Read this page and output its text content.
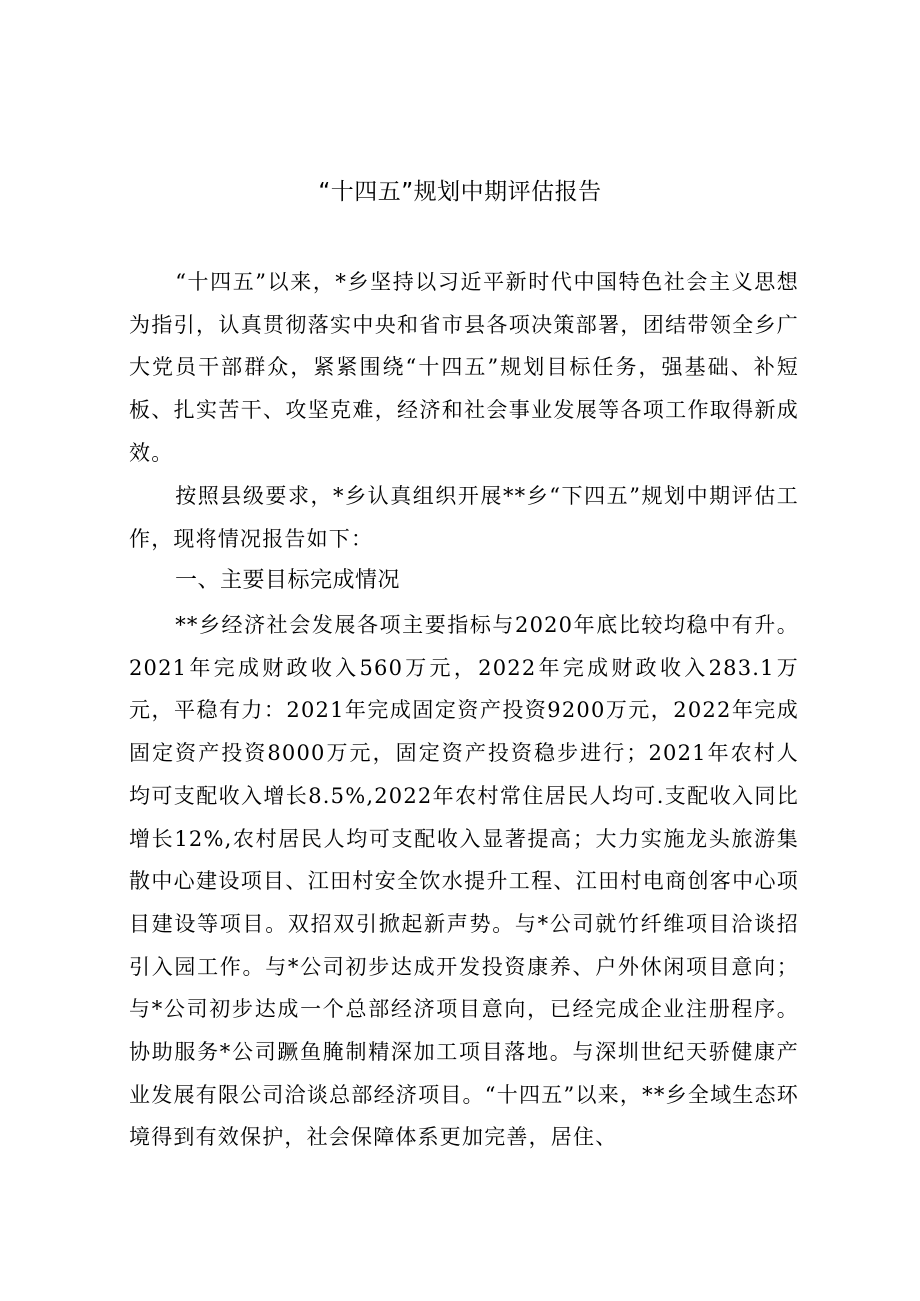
“十四五”规划中期评估报告

“十四五”以来，*乡坚持以习近平新时代中国特色社会主义思想为指引，认真贯彻落实中央和省市县各项决策部署，团结带领全乡广大党员干部群众，紧紧围绕“十四五”规划目标任务，强基础、补短板、扎实苦干、攻坚克难，经济和社会事业发展等各项工作取得新成效。

按照县级要求，*乡认真组织开展**乡“下四五”规划中期评估工作，现将情况报告如下：

一、主要目标完成情况

**乡经济社会发展各项主要指标与2020年底比较均稳中有升。2021年完成财政收入560万元，2022年完成财政收入283.1万元，平稳有力：2021年完成固定资产投资9200万元，2022年完成固定资产投资8000万元，固定资产投资稳步进行；2021年农村人均可支配收入增长8.5%,2022年农村常住居民人均可.支配收入同比增长12%,农村居民人均可支配收入显著提高；大力实施龙头旅游集散中心建设项目、江田村安全饮水提升工程、江田村电商创客中心项目建设等项目。双招双引掀起新声势。与*公司就竹纤维项目洽谈招引入园工作。与*公司初步达成开发投资康养、户外休闲项目意向；与*公司初步达成一个总部经济项目意向，已经完成企业注册程序。协助服务*公司蹶鱼腌制精深加工项目落地。与深圳世纪天骄健康产业发展有限公司洽谈总部经济项目。“十四五”以来，**乡全域生态环境得到有效保护，社会保障体系更加完善，居住、
